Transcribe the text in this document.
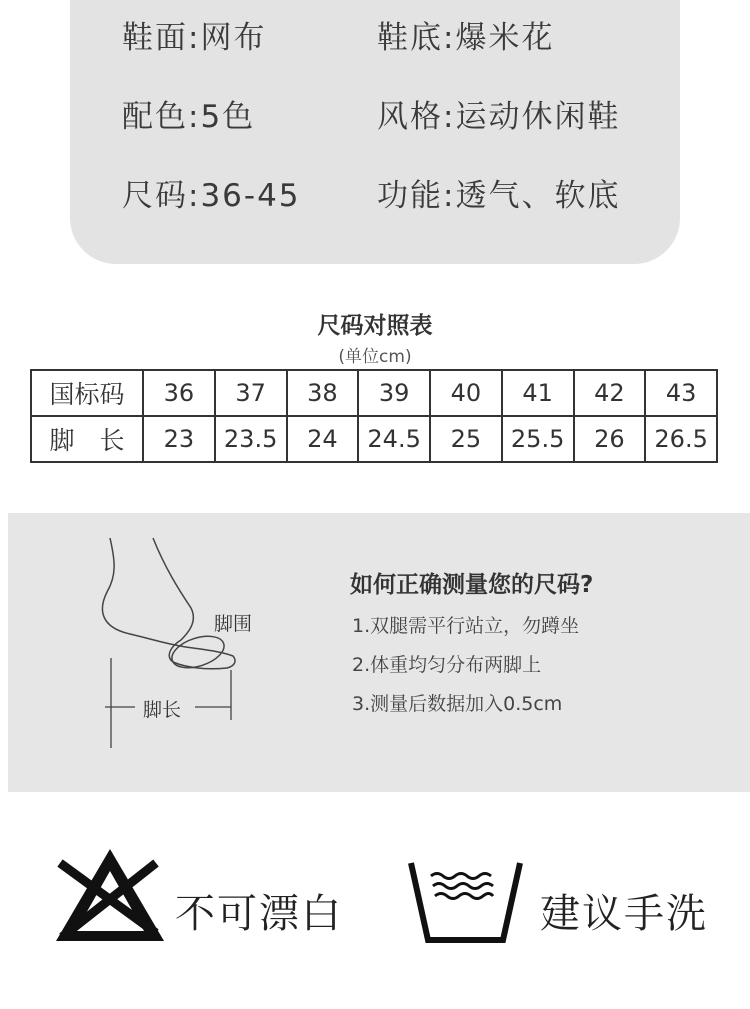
鞋面:网布	鞋底:爆米花
配色:5色	风格:运动休闲鞋
尺码:36-45 功能:透气、软底
尺码对照表
(单位cm)
国标码	36	37	38	39	40	41	42	43
脚　长	23	23.5	24	24.5	25	25.5	26	26.5
脚围
脚长
如何正确测量您的尺码?
1.双腿需平行站立，勿蹲坐
2.体重均匀分布两脚上
3.测量后数据加入0.5cm
不可漂白	建议手洗
